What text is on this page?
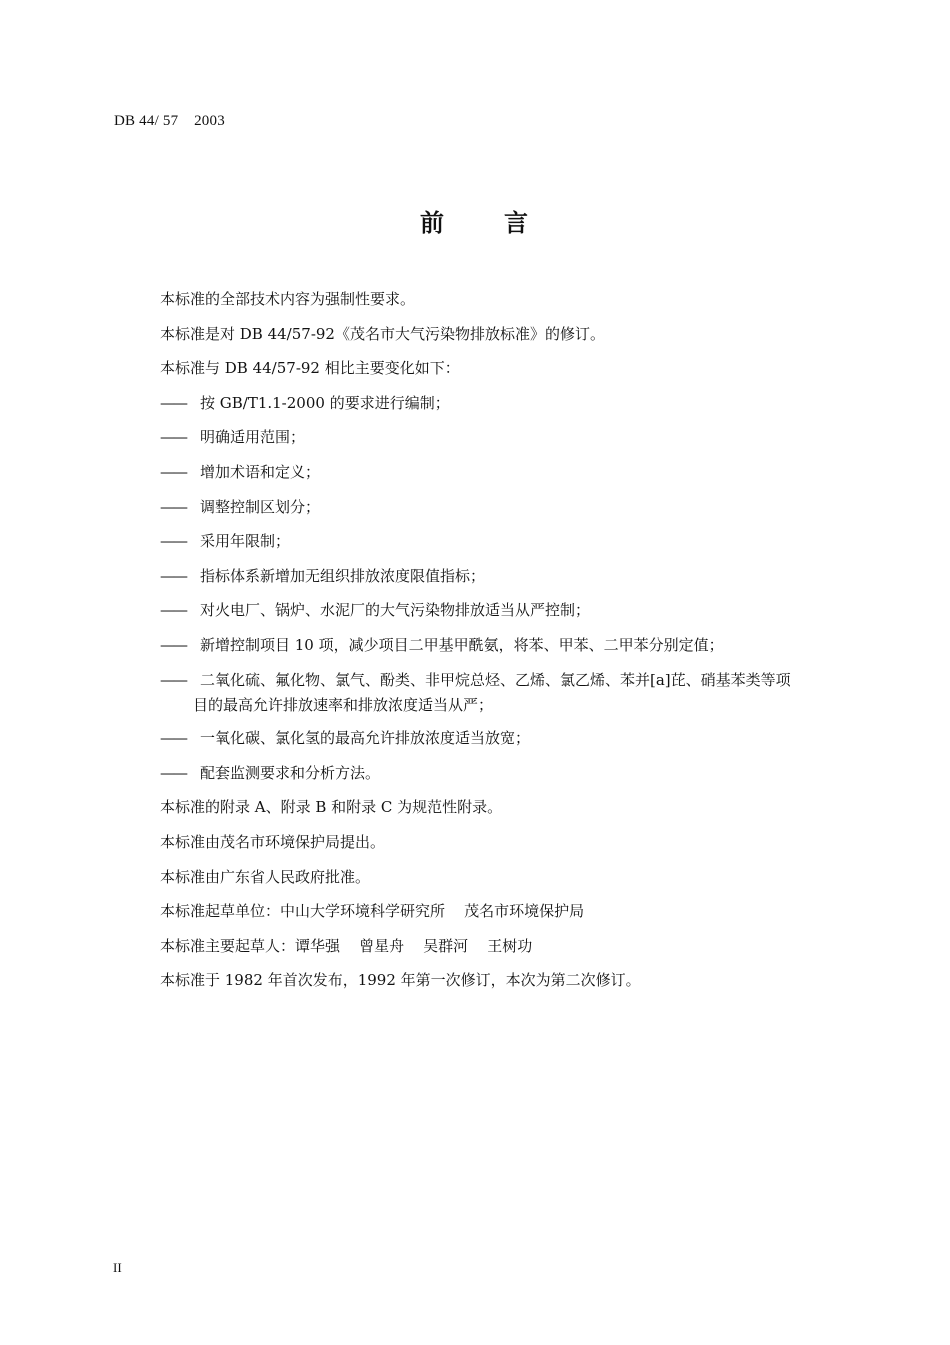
DB 44/ 57    2003
前 言

本标准的全部技术内容为强制性要求。

本标准是对 DB 44/57-92《茂名市大气污染物排放标准》的修订。

本标准与 DB 44/57-92 相比主要变化如下：

—— 按 GB/T1.1-2000 的要求进行编制；
—— 明确适用范围；
—— 增加术语和定义；
—— 调整控制区划分；
—— 采用年限制；
—— 指标体系新增加无组织排放浓度限值指标；
—— 对火电厂、锅炉、水泥厂的大气污染物排放适当从严控制；
—— 新增控制项目 10 项，减少项目二甲基甲酰氨，将苯、甲苯、二甲苯分别定值；
—— 二氧化硫、氟化物、氯气、酚类、非甲烷总烃、乙烯、氯乙烯、苯并[a]芘、硝基苯类等项
目的最高允许排放速率和排放浓度适当从严；
—— 一氧化碳、氯化氢的最高允许排放浓度适当放宽；
—— 配套监测要求和分析方法。

本标准的附录 A、附录 B 和附录 C 为规范性附录。

本标准由茂名市环境保护局提出。

本标准由广东省人民政府批准。

本标准起草单位：中山大学环境科学研究所    茂名市环境保护局

本标准主要起草人：谭华强    曾星舟    吴群河    王树功

本标准于 1982 年首次发布，1992 年第一次修订，本次为第二次修订。

II
